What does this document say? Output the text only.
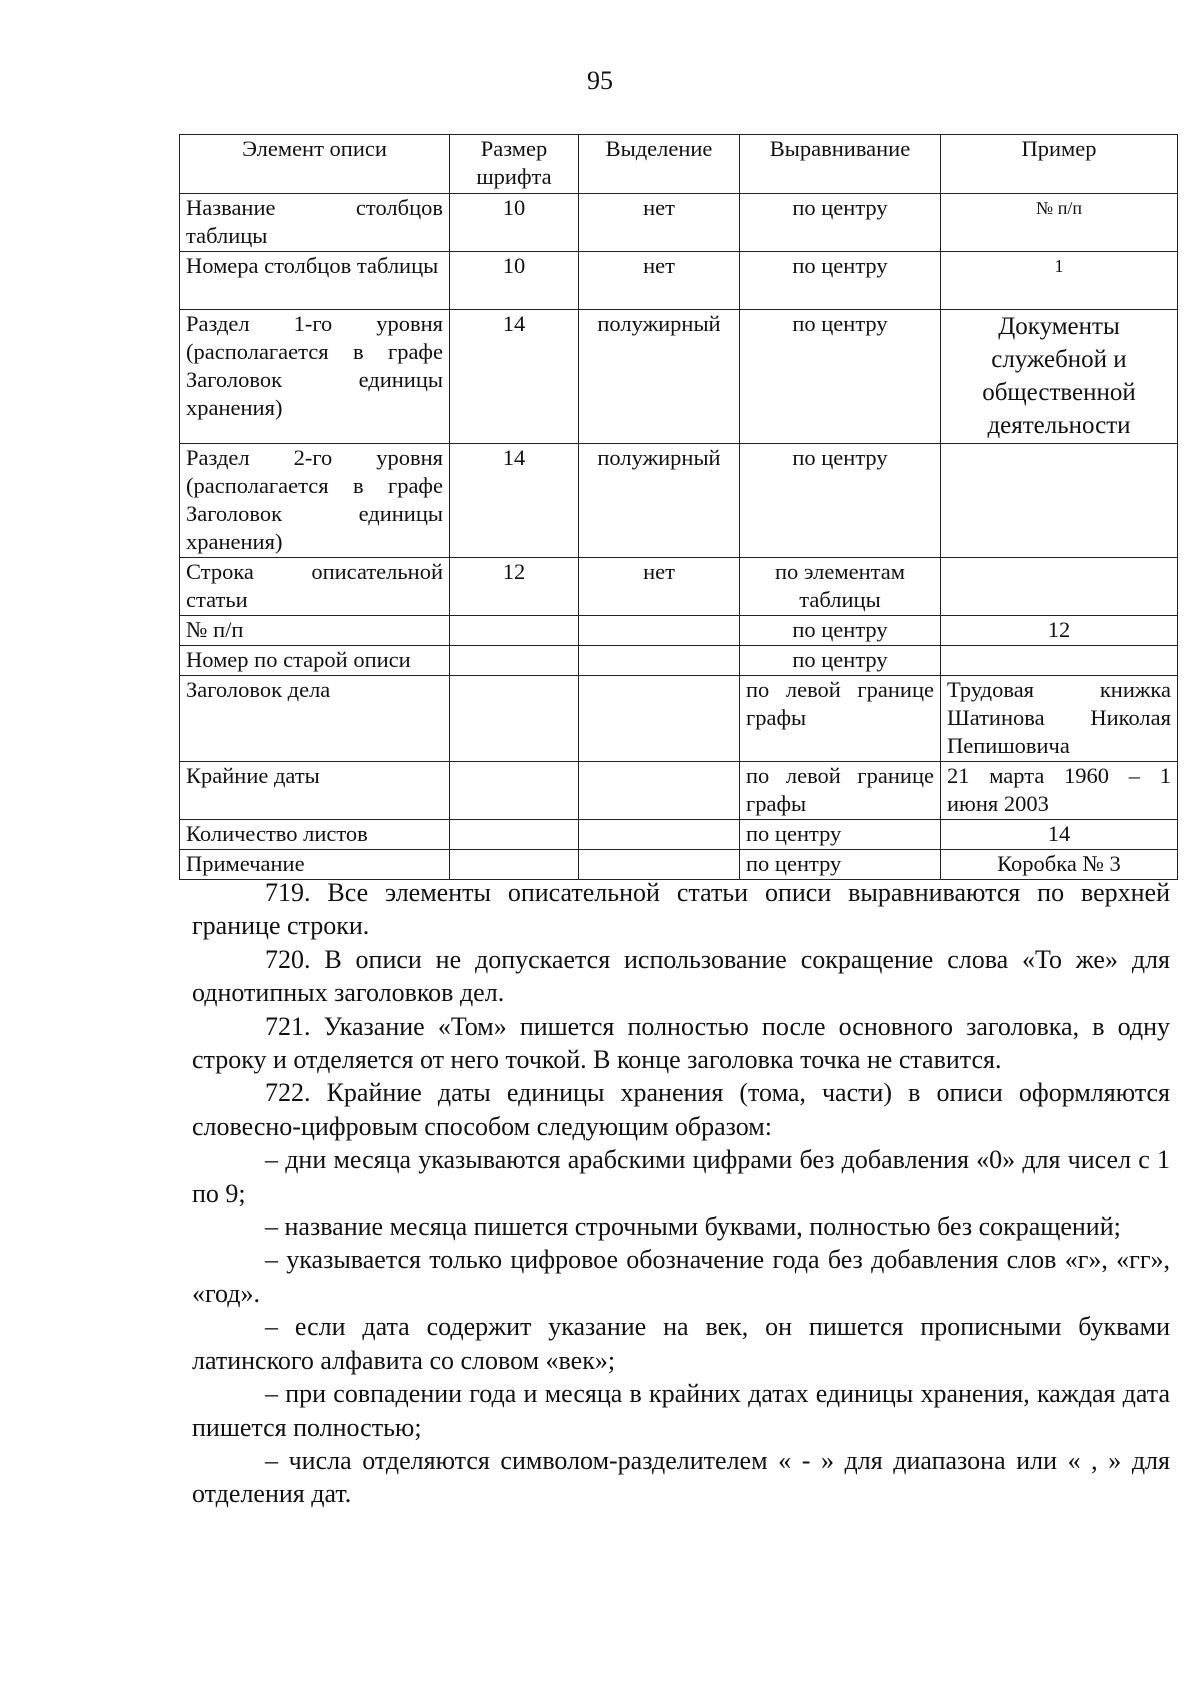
95
Элемент описи	Размер шрифта	Выделение	Выравнивание	Пример
Название столбцов таблицы	10	нет	по центру	№ п/п
Номера столбцов таблицы	10	нет	по центру	1
Раздел 1-го уровня (располагается в графе Заголовок единицы хранения)	14	полужирный	по центру	Документы служебной и общественной деятельности
Раздел 2-го уровня (располагается в графе Заголовок единицы хранения)	14	полужирный	по центру	
Строка описательной статьи	12	нет	по элементам таблицы	
№ п/п			по центру	12
Номер по старой описи			по центру	
Заголовок дела			по левой границе графы	Трудовая книжка Шатинова Николая Пепишовича
Крайние даты			по левой границе графы	21 марта 1960 – 1 июня 2003
Количество листов			по центру	14
Примечание			по центру	Коробка № 3

719. Все элементы описательной статьи описи выравниваются по верхней границе строки.

720. В описи не допускается использование сокращение слова «То же» для однотипных заголовков дел.

721. Указание «Том» пишется полностью после основного заголовка, в одну строку и отделяется от него точкой. В конце заголовка точка не ставится.

722. Крайние даты единицы хранения (тома, части) в описи оформляются словесно-цифровым способом следующим образом:

– дни месяца указываются арабскими цифрами без добавления «0» для чисел с 1 по 9;

– название месяца пишется строчными буквами, полностью без сокращений;

– указывается только цифровое обозначение года без добавления слов «г», «гг», «год».

– если дата содержит указание на век, он пишется прописными буквами латинского алфавита со словом «век»;

– при совпадении года и месяца в крайних датах единицы хранения, каждая дата пишется полностью;

– числа отделяются символом-разделителем « - » для диапазона или « , » для отделения дат.
